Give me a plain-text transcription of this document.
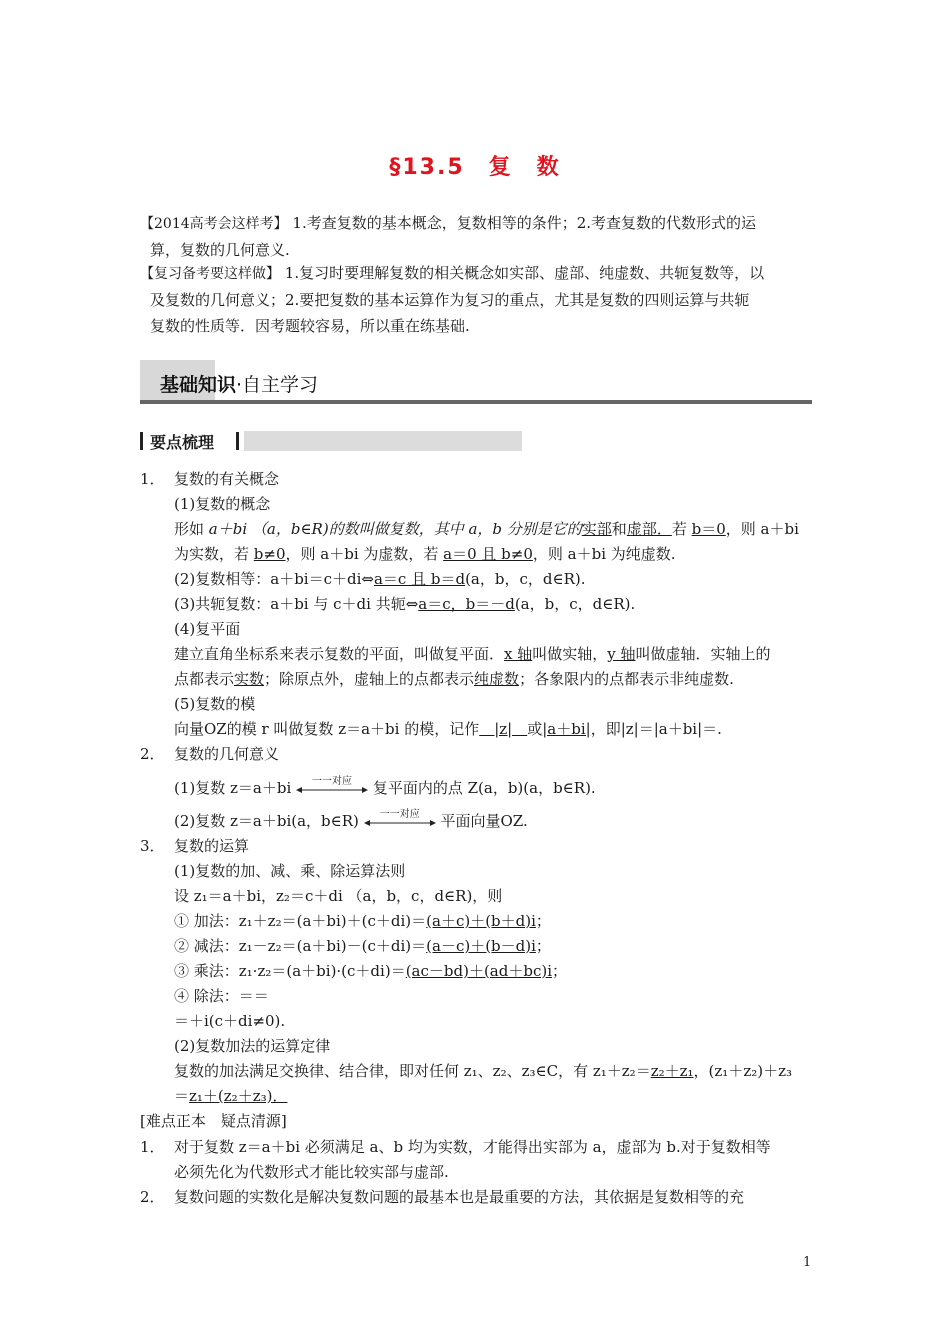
§13.5　复　数
【2014高考会这样考】 1.考查复数的基本概念，复数相等的条件；2.考查复数的代数形式的运
算，复数的几何意义.
【复习备考要这样做】 1.复习时要理解复数的相关概念如实部、虚部、纯虚数、共轭复数等，以
及复数的几何意义；2.要把复数的基本运算作为复习的重点，尤其是复数的四则运算与共轭
复数的性质等．因考题较容易，所以重在练基础.
基础知识·自主学习
要点梳理
1． 复数的有关概念
(1)复数的概念
形如 a＋bi （a，b∈R)的数叫做复数，其中 a，b 分别是它的实部和虚部．若 b＝0，则 a＋bi
为实数，若 b≠0，则 a＋bi 为虚数，若 a＝0 且 b≠0，则 a＋bi 为纯虚数.
(2)复数相等：a＋bi＝c＋di⇔a＝c 且 b＝d(a，b，c，d∈R).
(3)共轭复数：a＋bi 与 c＋di 共轭⇔a＝c，b＝－d(a，b，c，d∈R).
(4)复平面
建立直角坐标系来表示复数的平面，叫做复平面．x 轴叫做实轴，y 轴叫做虚轴．实轴上的
点都表示实数；除原点外，虚轴上的点都表示纯虚数；各象限内的点都表示非纯虚数.
(5)复数的模
向量OZ的模 r 叫做复数 z＝a＋bi 的模，记作　|z|　或|a＋bi|，即|z|＝|a＋bi|＝.
2． 复数的几何意义
(1)复数 z＝a＋bi	一一对应	复平面内的点 Z(a，b)(a，b∈R).
(2)复数 z＝a＋bi(a，b∈R)	一一对应	平面向量OZ.
3． 复数的运算
(1)复数的加、减、乘、除运算法则
设 z₁＝a＋bi，z₂＝c＋di （a，b，c，d∈R)，则
① 加法：z₁＋z₂＝(a＋bi)＋(c＋di)＝(a＋c)＋(b＋d)i；
② 减法：z₁－z₂＝(a＋bi)－(c＋di)＝(a－c)＋(b－d)i；
③ 乘法：z₁·z₂＝(a＋bi)·(c＋di)＝(ac－bd)＋(ad＋bc)i；
④ 除法：＝＝
＝＋i(c＋di≠0).
(2)复数加法的运算定律
复数的加法满足交换律、结合律，即对任何 z₁、z₂、z₃∈C，有 z₁＋z₂＝z₂＋z₁，(z₁＋z₂)＋z₃
＝z₁＋(z₂＋z₃)．
[难点正本　疑点清源]
1． 对于复数 z＝a＋bi 必须满足 a、b 均为实数，才能得出实部为 a，虚部为 b.对于复数相等
必须先化为代数形式才能比较实部与虚部.
2． 复数问题的实数化是解决复数问题的最基本也是最重要的方法，其依据是复数相等的充
1
